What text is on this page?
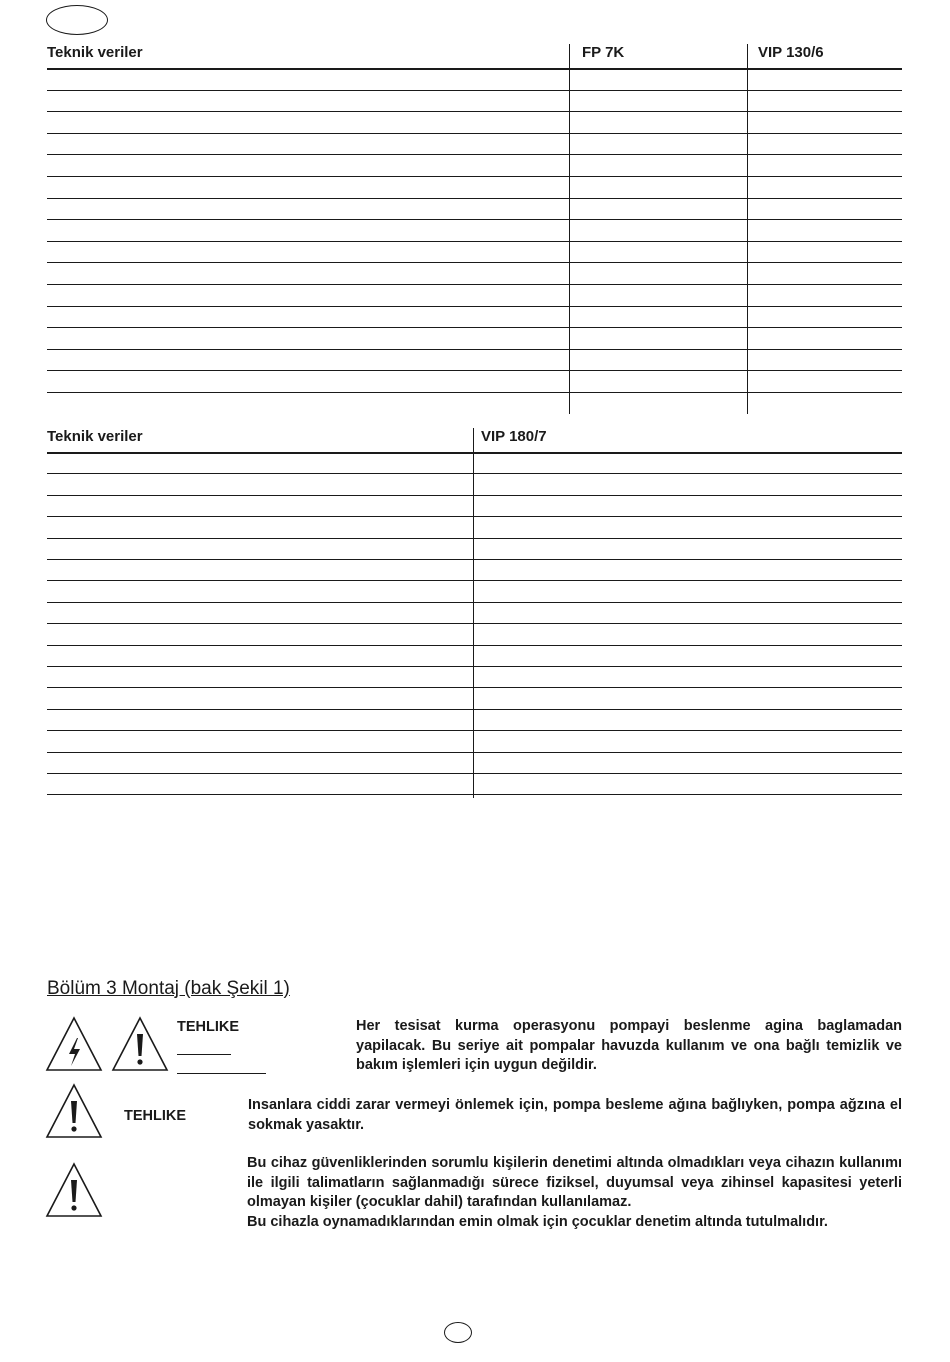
Teknik veriler	FP 7K	VIP 130/6
Teknik veriler	VIP 180/7
Bölüm 3 Montaj (bak Şekil 1)
TEHLIKE	Her tesisat kurma operasyonu pompayi beslenme agina baglamadan yapilacak. Bu seriye ait pompalar havuzda kullanım ve ona bağlı temizlik ve bakım işlemleri için uygun değildir.

TEHLIKE

Insanlara ciddi zarar vermeyi önlemek için, pompa besleme ağına bağlıyken, pompa ağzına el sokmak yasaktır.

Bu cihaz güvenliklerinden sorumlu kişilerin denetimi altında olmadıkları veya cihazın kullanımı ile ilgili talimatların sağlanmadığı sürece fiziksel, duyumsal veya zihinsel kapasitesi yeterli olmayan kişiler (çocuklar dahil) tarafından kullanılamaz.
Bu cihazla oynamadıklarından emin olmak için çocuklar denetim altında tutulmalıdır.
